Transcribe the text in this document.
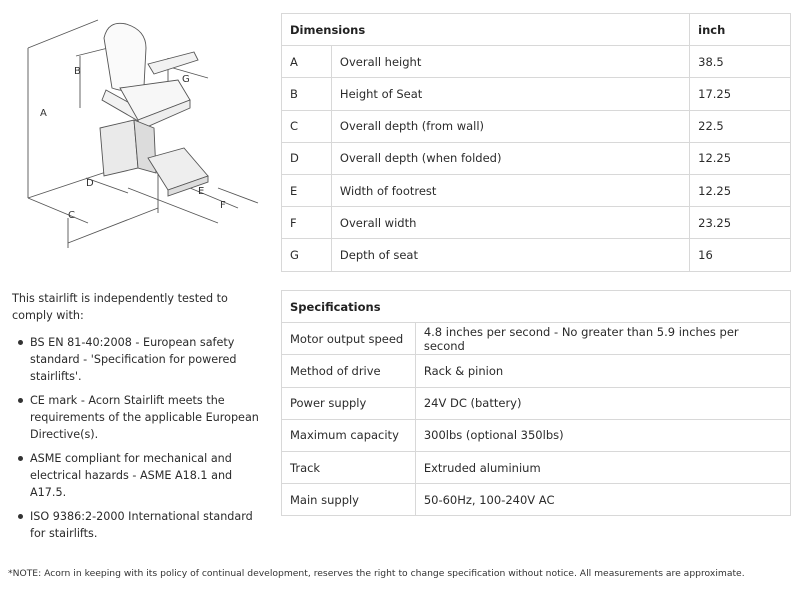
A
B
C
D
E
F
G
Dimensions		inch
A	Overall height	38.5
B	Height of Seat	17.25
C	Overall depth (from wall)	22.5
D	Overall depth (when folded)	12.25
E	Width of footrest	12.25
F	Overall width	23.25
G	Depth of seat	16

This stairlift is independently tested to comply with:

BS EN 81-40:2008 - European safety standard - 'Specification for powered stairlifts'.
CE mark - Acorn Stairlift meets the requirements of the applicable European Directive(s).
ASME compliant for mechanical and electrical hazards - ASME A18.1 and A17.5.
ISO 9386:2-2000 International standard for stairlifts.
Specifications	
Motor output speed	4.8 inches per second - No greater than 5.9 inches per second
Method of drive	Rack & pinion
Power supply	24V DC (battery)
Maximum capacity	300lbs (optional 350lbs)
Track	Extruded aluminium
Main supply	50-60Hz, 100-240V AC

*NOTE: Acorn in keeping with its policy of continual development, reserves the right to change specification without notice. All measurements are approximate.
